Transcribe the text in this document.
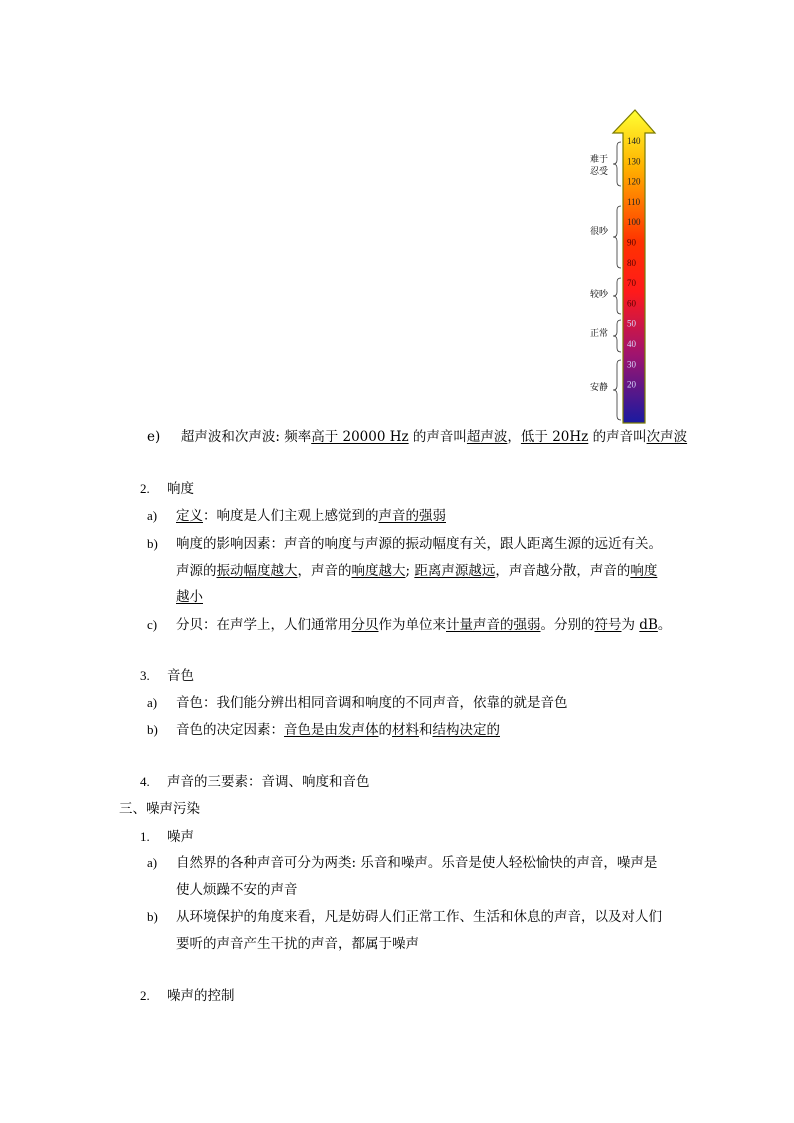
140
130
120
110
100
90
80
70
60
50
40
30
20
难于
忍受
很吵
较吵
正常
安静
e) 超声波和次声波: 频率高于 20000 Hz 的声音叫超声波，低于 20Hz 的声音叫次声波
2. 响度
a) 定义：响度是人们主观上感觉到的声音的强弱
b) 响度的影响因素：声音的响度与声源的振动幅度有关，跟人距离生源的远近有关。
声源的振动幅度越大，声音的响度越大; 距离声源越远，声音越分散，声音的响度
越小
c) 分贝：在声学上，人们通常用分贝作为单位来计量声音的强弱。分别的符号为 dB。
3. 音色
a) 音色：我们能分辨出相同音调和响度的不同声音，依靠的就是音色
b) 音色的决定因素：音色是由发声体的材料和结构决定的
4. 声音的三要素：音调、响度和音色
三、噪声污染
1. 噪声
a) 自然界的各种声音可分为两类: 乐音和噪声。乐音是使人轻松愉快的声音，噪声是
使人烦躁不安的声音
b) 从环境保护的角度来看，凡是妨碍人们正常工作、生活和休息的声音，以及对人们
要听的声音产生干扰的声音，都属于噪声
2. 噪声的控制
